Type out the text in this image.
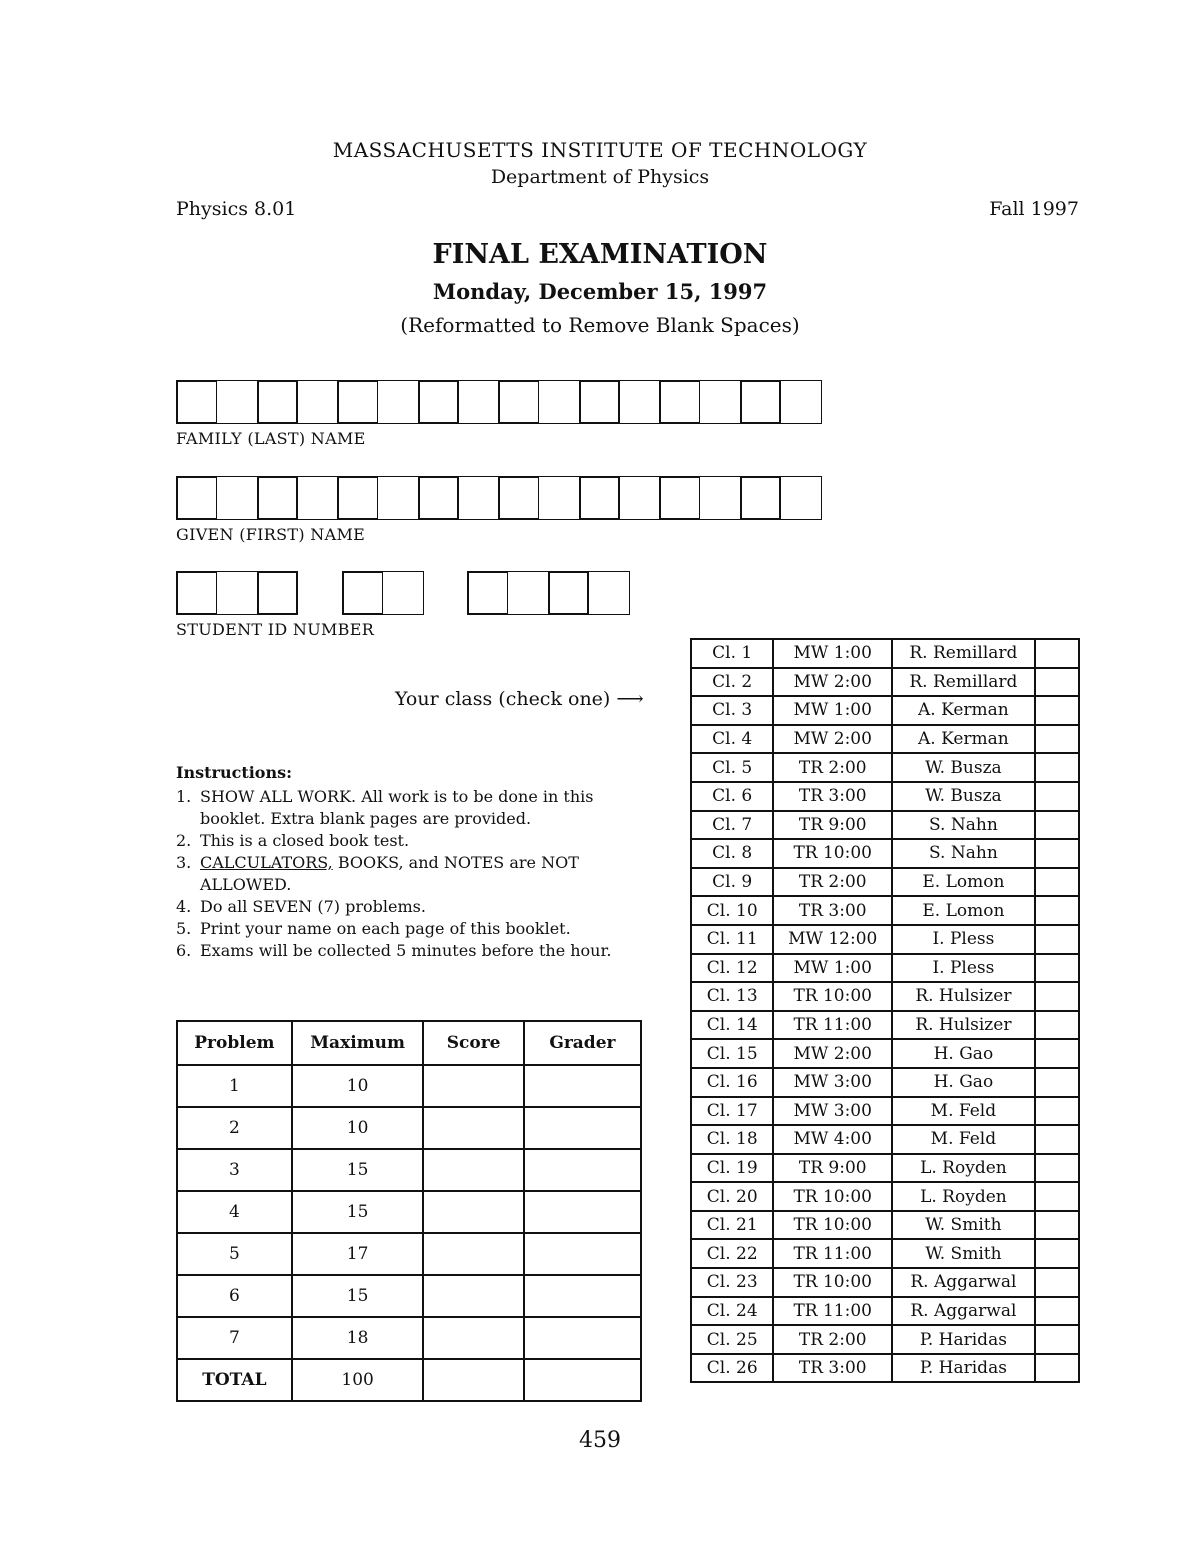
MASSACHUSETTS INSTITUTE OF TECHNOLOGY
Department of Physics
Physics 8.01	Fall 1997
FINAL EXAMINATION
Monday, December 15, 1997
(Reformatted to Remove Blank Spaces)
FAMILY (LAST) NAME
GIVEN (FIRST) NAME
STUDENT ID NUMBER
Your class (check one) ⟶
Instructions:
1. SHOW ALL WORK. All work is to be done in this booklet. Extra blank pages are provided.
2. This is a closed book test.
3. CALCULATORS, BOOKS, and NOTES are NOT ALLOWED.
4. Do all SEVEN (7) problems.
5. Print your name on each page of this booklet.
6. Exams will be collected 5 minutes before the hour.
Problem	Maximum	Score	Grader
1	10		
2	10		
3	15		
4	15		
5	17		
6	15		
7	18		
TOTAL	100		
Cl. 1	MW 1:00	R. Remillard	
Cl. 2	MW 2:00	R. Remillard	
Cl. 3	MW 1:00	A. Kerman	
Cl. 4	MW 2:00	A. Kerman	
Cl. 5	TR 2:00	W. Busza	
Cl. 6	TR 3:00	W. Busza	
Cl. 7	TR 9:00	S. Nahn	
Cl. 8	TR 10:00	S. Nahn	
Cl. 9	TR 2:00	E. Lomon	
Cl. 10	TR 3:00	E. Lomon	
Cl. 11	MW 12:00	I. Pless	
Cl. 12	MW 1:00	I. Pless	
Cl. 13	TR 10:00	R. Hulsizer	
Cl. 14	TR 11:00	R. Hulsizer	
Cl. 15	MW 2:00	H. Gao	
Cl. 16	MW 3:00	H. Gao	
Cl. 17	MW 3:00	M. Feld	
Cl. 18	MW 4:00	M. Feld	
Cl. 19	TR 9:00	L. Royden	
Cl. 20	TR 10:00	L. Royden	
Cl. 21	TR 10:00	W. Smith	
Cl. 22	TR 11:00	W. Smith	
Cl. 23	TR 10:00	R. Aggarwal	
Cl. 24	TR 11:00	R. Aggarwal	
Cl. 25	TR 2:00	P. Haridas	
Cl. 26	TR 3:00	P. Haridas	
459
